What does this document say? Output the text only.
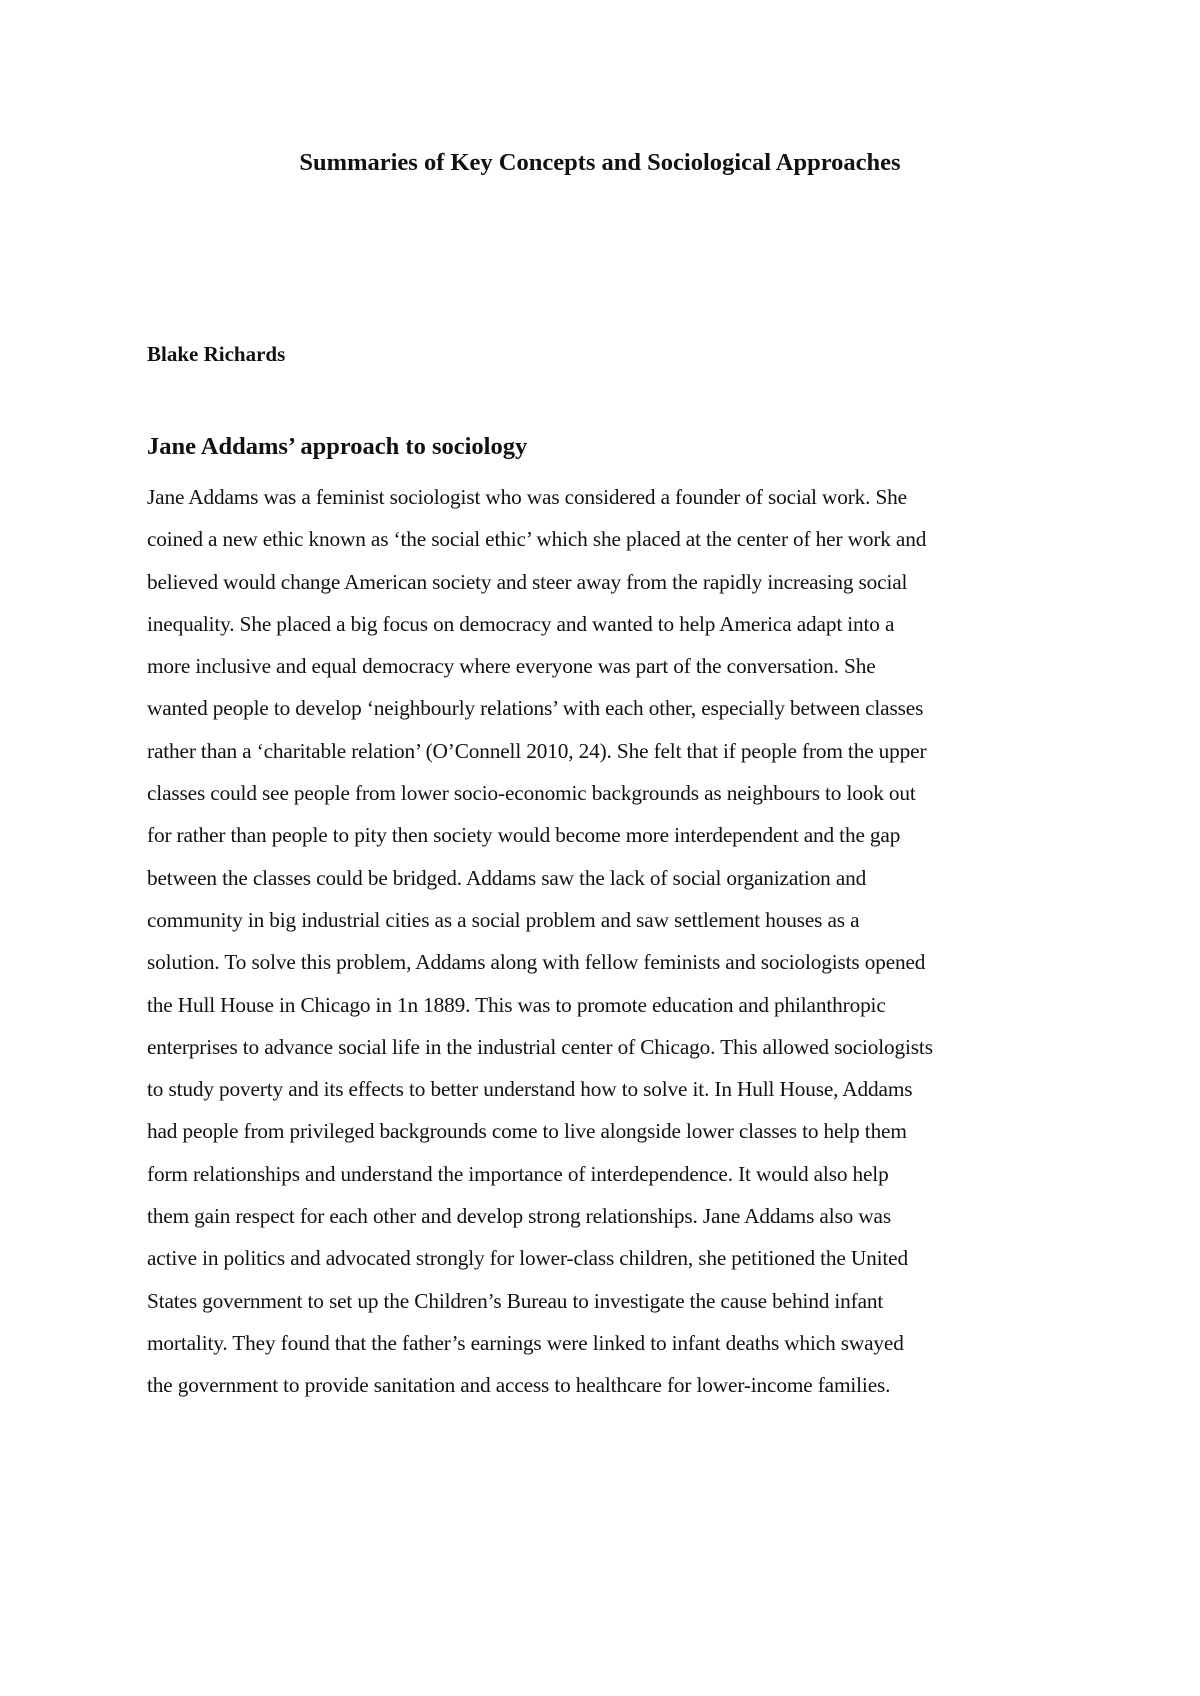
Summaries of Key Concepts and Sociological Approaches

Blake Richards

Jane Addams’ approach to sociology
Jane Addams was a feminist sociologist who was considered a founder of social work. She
coined a new ethic known as ‘the social ethic’ which she placed at the center of her work and
believed would change American society and steer away from the rapidly increasing social
inequality. She placed a big focus on democracy and wanted to help America adapt into a
more inclusive and equal democracy where everyone was part of the conversation. She
wanted people to develop ‘neighbourly relations’ with each other, especially between classes
rather than a ‘charitable relation’ (O’Connell 2010, 24). She felt that if people from the upper
classes could see people from lower socio-economic backgrounds as neighbours to look out
for rather than people to pity then society would become more interdependent and the gap
between the classes could be bridged. Addams saw the lack of social organization and
community in big industrial cities as a social problem and saw settlement houses as a
solution. To solve this problem, Addams along with fellow feminists and sociologists opened
the Hull House in Chicago in 1n 1889. This was to promote education and philanthropic
enterprises to advance social life in the industrial center of Chicago. This allowed sociologists
to study poverty and its effects to better understand how to solve it. In Hull House, Addams
had people from privileged backgrounds come to live alongside lower classes to help them
form relationships and understand the importance of interdependence. It would also help
them gain respect for each other and develop strong relationships. Jane Addams also was
active in politics and advocated strongly for lower-class children, she petitioned the United
States government to set up the Children’s Bureau to investigate the cause behind infant
mortality. They found that the father’s earnings were linked to infant deaths which swayed
the government to provide sanitation and access to healthcare for lower-income families.
